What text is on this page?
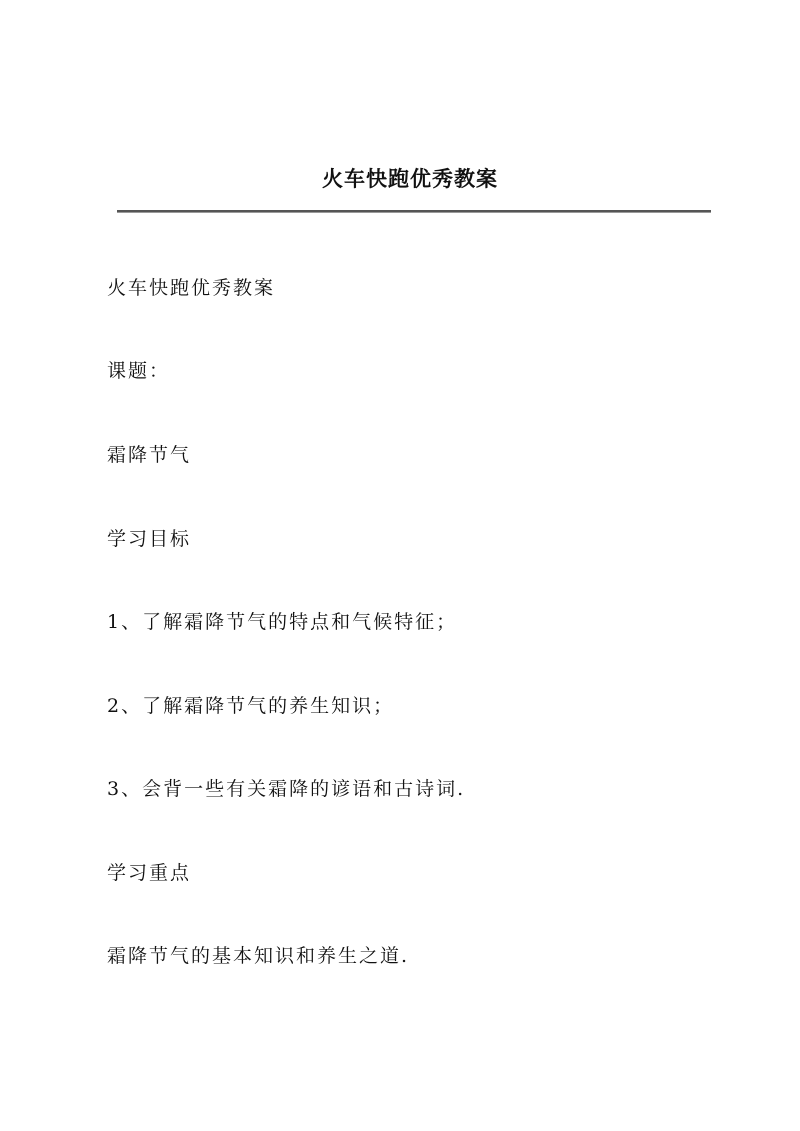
火车快跑优秀教案
火车快跑优秀教案
课题：
霜降节气
学习目标
1、了解霜降节气的特点和气候特征；
2、了解霜降节气的养生知识；
3、会背一些有关霜降的谚语和古诗词.
学习重点
霜降节气的基本知识和养生之道.
